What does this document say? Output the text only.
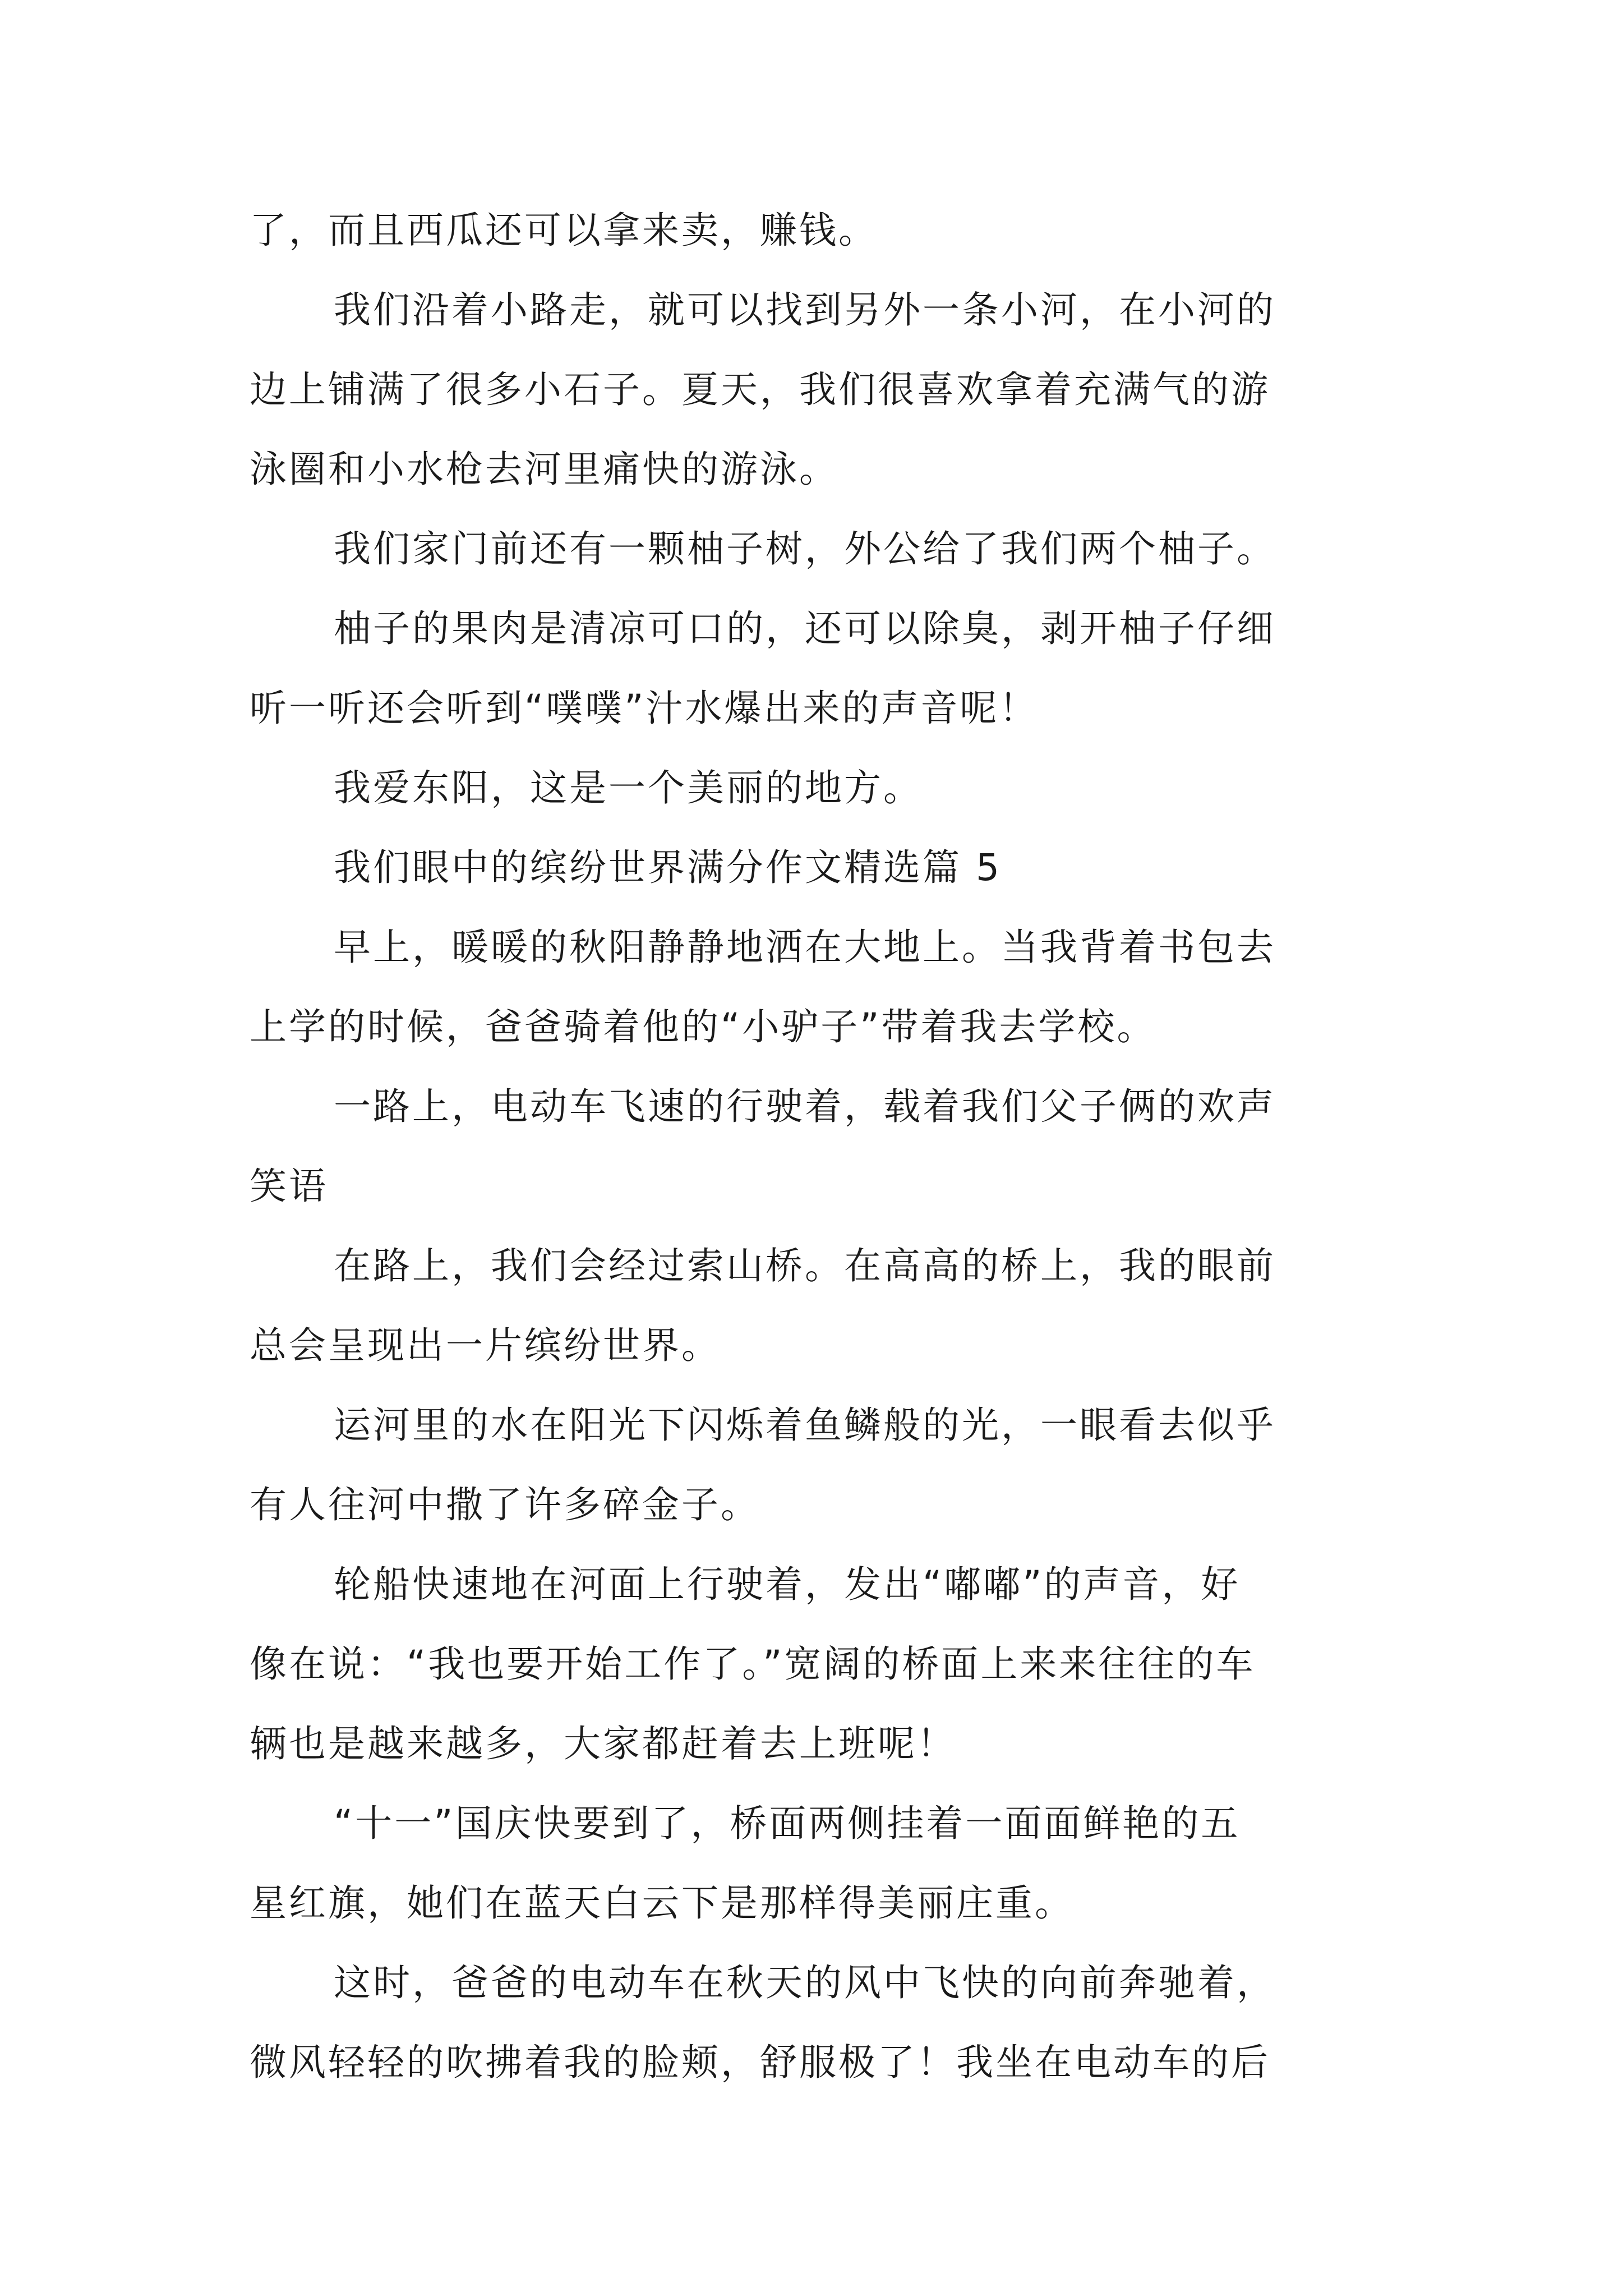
了，而且西瓜还可以拿来卖，赚钱。
我们沿着小路走，就可以找到另外一条小河，在小河的
边上铺满了很多小石子。夏天，我们很喜欢拿着充满气的游
泳圈和小水枪去河里痛快的游泳。
我们家门前还有一颗柚子树，外公给了我们两个柚子。
柚子的果肉是清凉可口的，还可以除臭，剥开柚子仔细
听一听还会听到“噗噗”汁水爆出来的声音呢！
我爱东阳，这是一个美丽的地方。
我们眼中的缤纷世界满分作文精选篇 5
早上，暖暖的秋阳静静地洒在大地上。当我背着书包去
上学的时候，爸爸骑着他的“小驴子”带着我去学校。
一路上，电动车飞速的行驶着，载着我们父子俩的欢声
笑语
在路上，我们会经过索山桥。在高高的桥上，我的眼前
总会呈现出一片缤纷世界。
运河里的水在阳光下闪烁着鱼鳞般的光，一眼看去似乎
有人往河中撒了许多碎金子。
轮船快速地在河面上行驶着，发出“嘟嘟”的声音，好
像在说：“我也要开始工作了。”宽阔的桥面上来来往往的车
辆也是越来越多，大家都赶着去上班呢！
“十一”国庆快要到了，桥面两侧挂着一面面鲜艳的五
星红旗，她们在蓝天白云下是那样得美丽庄重。
这时，爸爸的电动车在秋天的风中飞快的向前奔驰着，
微风轻轻的吹拂着我的脸颊，舒服极了！我坐在电动车的后
